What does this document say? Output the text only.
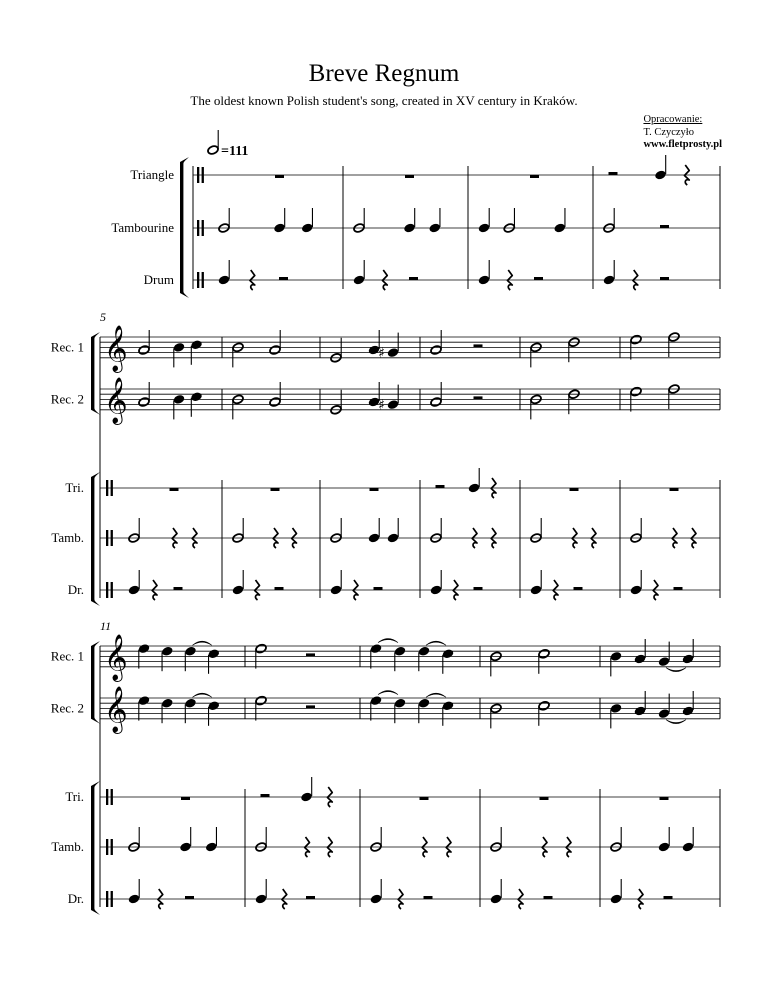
Breve Regnum
The oldest known Polish student's song, created in XV century in Kraków.
Opracowanie:
T. Czyczyło
www.fletprosty.pl
=111
Triangle
Tambourine
Drum
5
𝄞
Rec. 1
𝄞
Rec. 2
Tri.
Tamb.
Dr.
♯
♯
11
𝄞
Rec. 1
𝄞
Rec. 2
Tri.
Tamb.
Dr.
